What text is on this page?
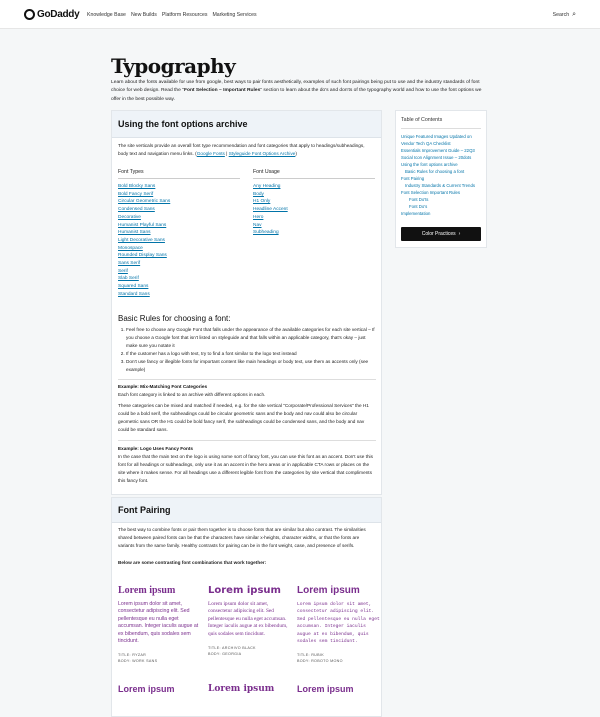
GoDaddy Knowledge Base New Builds Platform Resources Marketing Services	Search ⌕
Typography
Learn about the fonts available for use from google, best ways to pair fonts aesthetically, examples of such font pairings being put to use and the industry standards of font choice for web design. Read the "Font Selection – Important Rules" section to learn about the do's and don'ts of the typography world and how to use the font options we offer in the best possible way.
Using the font options archive
The site verticals provide an overall font type recommendation and font categories that apply to headings/subheadings, body text and navigation menu links. (Google Fonts | Styleguide Font Options Archive)
Font Types
Bold Blocky Sans
Bold Fancy Serif
Circular Geometric Sans
Condensed Sans
Decorative
Humanist Playful Sans
Humanist Sans
Light Decorative Sans
Monospace
Rounded Display Sans
Sans Serif
Serif
Slab Serif
Squared Sans
Standard Sans
Font Usage
Any Heading
Body
H1 Only
Headline Accent
Hero
Nav
Subheading
Basic Rules for choosing a font:
1. Feel free to choose any Google Font that falls under the appearance of the available categories for each site vertical – If you choose a Google font that isn't listed on styleguide and that falls within an applicable category, that's okay – just make sure you notate it
2. If the customer has a logo with text, try to find a font similar to the logo text instead
3. Don't use fancy or illegible fonts for important content like main headings or body text, use them as accents only (see example)
Example: Mix-Matching Font Categories
Each font category is linked to an archive with different options in each.
These categories can be mixed and matched if needed, e.g. for the site vertical "Corporate/Professional Services" the H1 could be a bold serif, the subheadings could be circular geometric sans and the body and nav could also be circular geometric sans OR the H1 could be bold fancy serif, the subheadings could be condensed sans, and the body and nav could be standard sans.
Example: Logo Uses Fancy Fonts
In the case that the main text on the logo is using some sort of fancy font, you can use this font as an accent. Don't use this font for all headings or subheadings, only use it as an accent in the hero areas or in applicable CTA rows or places on the site where it makes sense. For all headings use a different legible font from the categories by site vertical that compliments this fancy font.
Font Pairing
The best way to combine fonts or pair them together is to choose fonts that are similar but also contrast. The similarities shared between paired fonts can be that the characters have similar x-heights, character widths, or that the fonts are variants from the same family. Healthy contrasts for pairing can be in the font weight, case, and presence of serifs.
Below are some contrasting font combinations that work together:
Lorem ipsum
Lorem ipsum dolor sit amet, consectetur adipiscing elit. Sed pellentesque eu nulla eget accumsan. Integer iaculis augue at ex bibendum, quis sodales sem tincidunt.
TITLE: RYZAR
BODY: WORK SANS
Lorem ipsum
Lorem ipsum dolor sit amet, consectetur adipiscing elit. Sed pellentesque eu nulla eget accumsan. Integer iaculis augue at ex bibendum, quis sodales sem tincidunt.
TITLE: ARCHIVO BLACK
BODY: GEORGIA
Lorem ipsum
Lorem ipsum dolor sit amet, consectetur adipiscing elit. Sed pellentesque eu nulla eget accumsan. Integer iaculis augue at ex bibendum, quis sodales sem tincidunt.
TITLE: RUBIK
BODY: ROBOTO MONO
Lorem ipsum	Lorem ipsum	Lorem ipsum
Table of Contents
Unique Featured Images Updated on
Vendor Tech QA Checklist
Essentials Improvement Guide – 22Q3
Social Icon Alignment Issue – 20dots
Using the font options archive
Basic Rules for choosing a font
Font Pairing
Industry Standards & Current Trends
Font Selection Important Rules
Font Do'ts
Font Do's
Implementation
Color Practices ›
